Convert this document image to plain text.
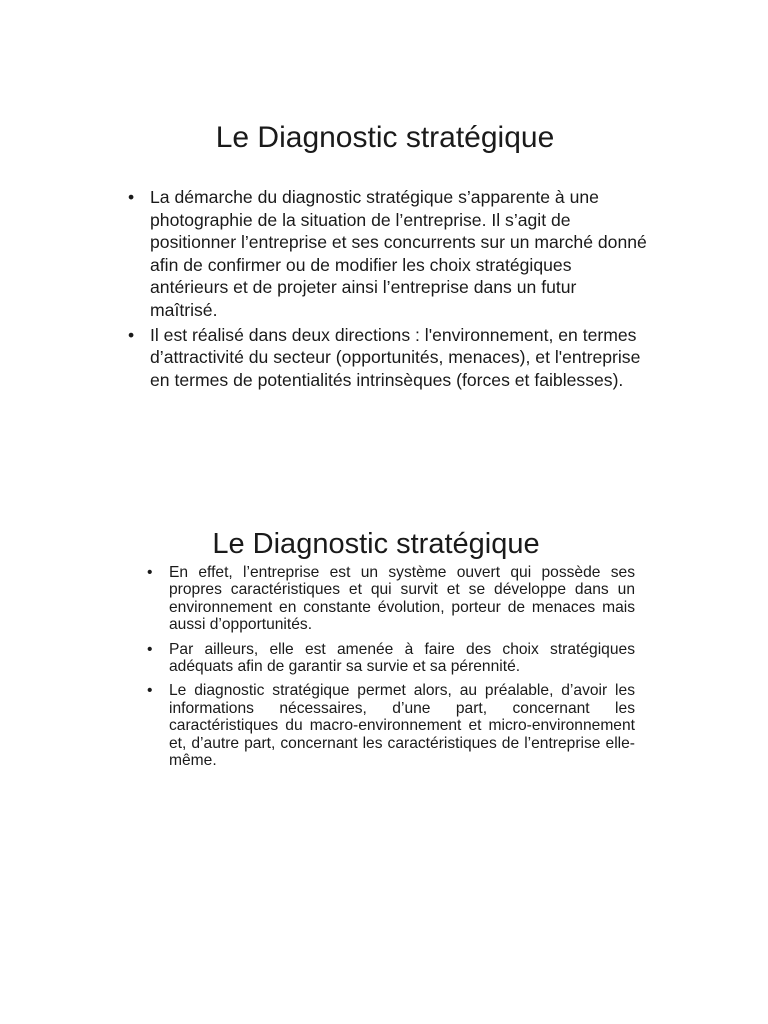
Le Diagnostic stratégique
• La démarche du diagnostic stratégique s’apparente à une photographie de la situation de l’entreprise. Il s’agit de positionner l’entreprise et ses concurrents sur un marché donné afin de confirmer ou de modifier les choix stratégiques antérieurs et de projeter ainsi l’entreprise dans un futur maîtrisé.
• Il est réalisé dans deux directions : l'environnement, en termes d’attractivité du secteur (opportunités, menaces), et l'entreprise en termes de potentialités intrinsèques (forces et faiblesses).
Le Diagnostic stratégique
• En effet, l’entreprise est un système ouvert qui possède ses propres caractéristiques et qui survit et se développe dans un environnement en constante évolution, porteur de menaces mais aussi d’opportunités.
• Par ailleurs, elle est amenée à faire des choix stratégiques adéquats afin de garantir sa survie et sa pérennité.
• Le diagnostic stratégique permet alors, au préalable, d’avoir les informations nécessaires, d’une part, concernant les caractéristiques du macro-environnement et micro-environnement et, d’autre part, concernant les caractéristiques de l’entreprise elle-même.
